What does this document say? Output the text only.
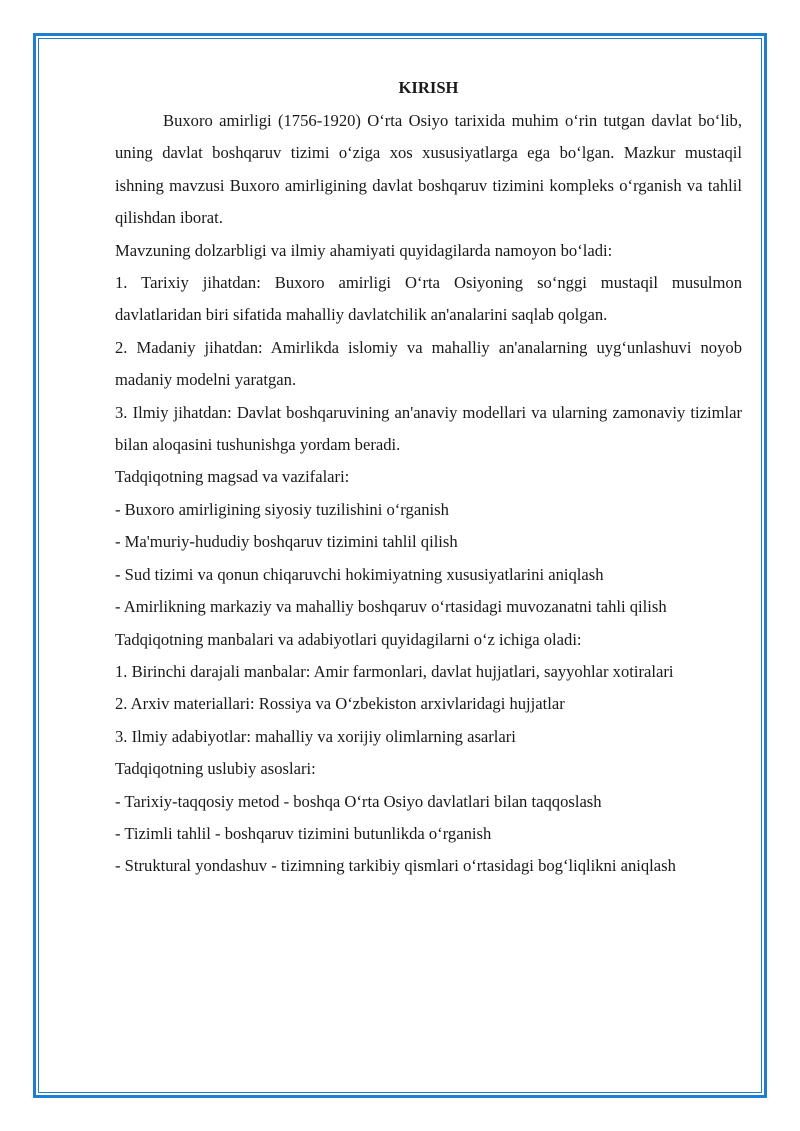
KIRISH

Buxoro amirligi (1756-1920) O‘rta Osiyo tarixida muhim o‘rin tutgan davlat bo‘lib, uning davlat boshqaruv tizimi o‘ziga xos xususiyatlarga ega bo‘lgan. Mazkur mustaqil ishning mavzusi Buxoro amirligining davlat boshqaruv tizimini kompleks o‘rganish va tahlil qilishdan iborat.

Mavzuning dolzarbligi va ilmiy ahamiyati quyidagilarda namoyon bo‘ladi:

1. Tarixiy jihatdan: Buxoro amirligi O‘rta Osiyoning so‘nggi mustaqil musulmon davlatlaridan biri sifatida mahalliy davlatchilik an'analarini saqlab qolgan.

2. Madaniy jihatdan: Amirlikda islomiy va mahalliy an'analarning uyg‘unlashuvi noyob madaniy modelni yaratgan.

3. Ilmiy jihatdan: Davlat boshqaruvining an'anaviy modellari va ularning zamonaviy tizimlar bilan aloqasini tushunishga yordam beradi.

Tadqiqotning magsad va vazifalari:

- Buxoro amirligining siyosiy tuzilishini o‘rganish

- Ma'muriy-hududiy boshqaruv tizimini tahlil qilish

- Sud tizimi va qonun chiqaruvchi hokimiyatning xususiyatlarini aniqlash

- Amirlikning markaziy va mahalliy boshqaruv o‘rtasidagi muvozanatni tahli qilish

Tadqiqotning manbalari va adabiyotlari quyidagilarni o‘z ichiga oladi:

1. Birinchi darajali manbalar: Amir farmonlari, davlat hujjatlari, sayyohlar xotiralari

2. Arxiv materiallari: Rossiya va O‘zbekiston arxivlaridagi hujjatlar

3. Ilmiy adabiyotlar: mahalliy va xorijiy olimlarning asarlari

Tadqiqotning uslubiy asoslari:

- Tarixiy-taqqosiy metod - boshqa O‘rta Osiyo davlatlari bilan taqqoslash

- Tizimli tahlil - boshqaruv tizimini butunlikda o‘rganish

- Struktural yondashuv - tizimning tarkibiy qismlari o‘rtasidagi bog‘liqlikni aniqlash
